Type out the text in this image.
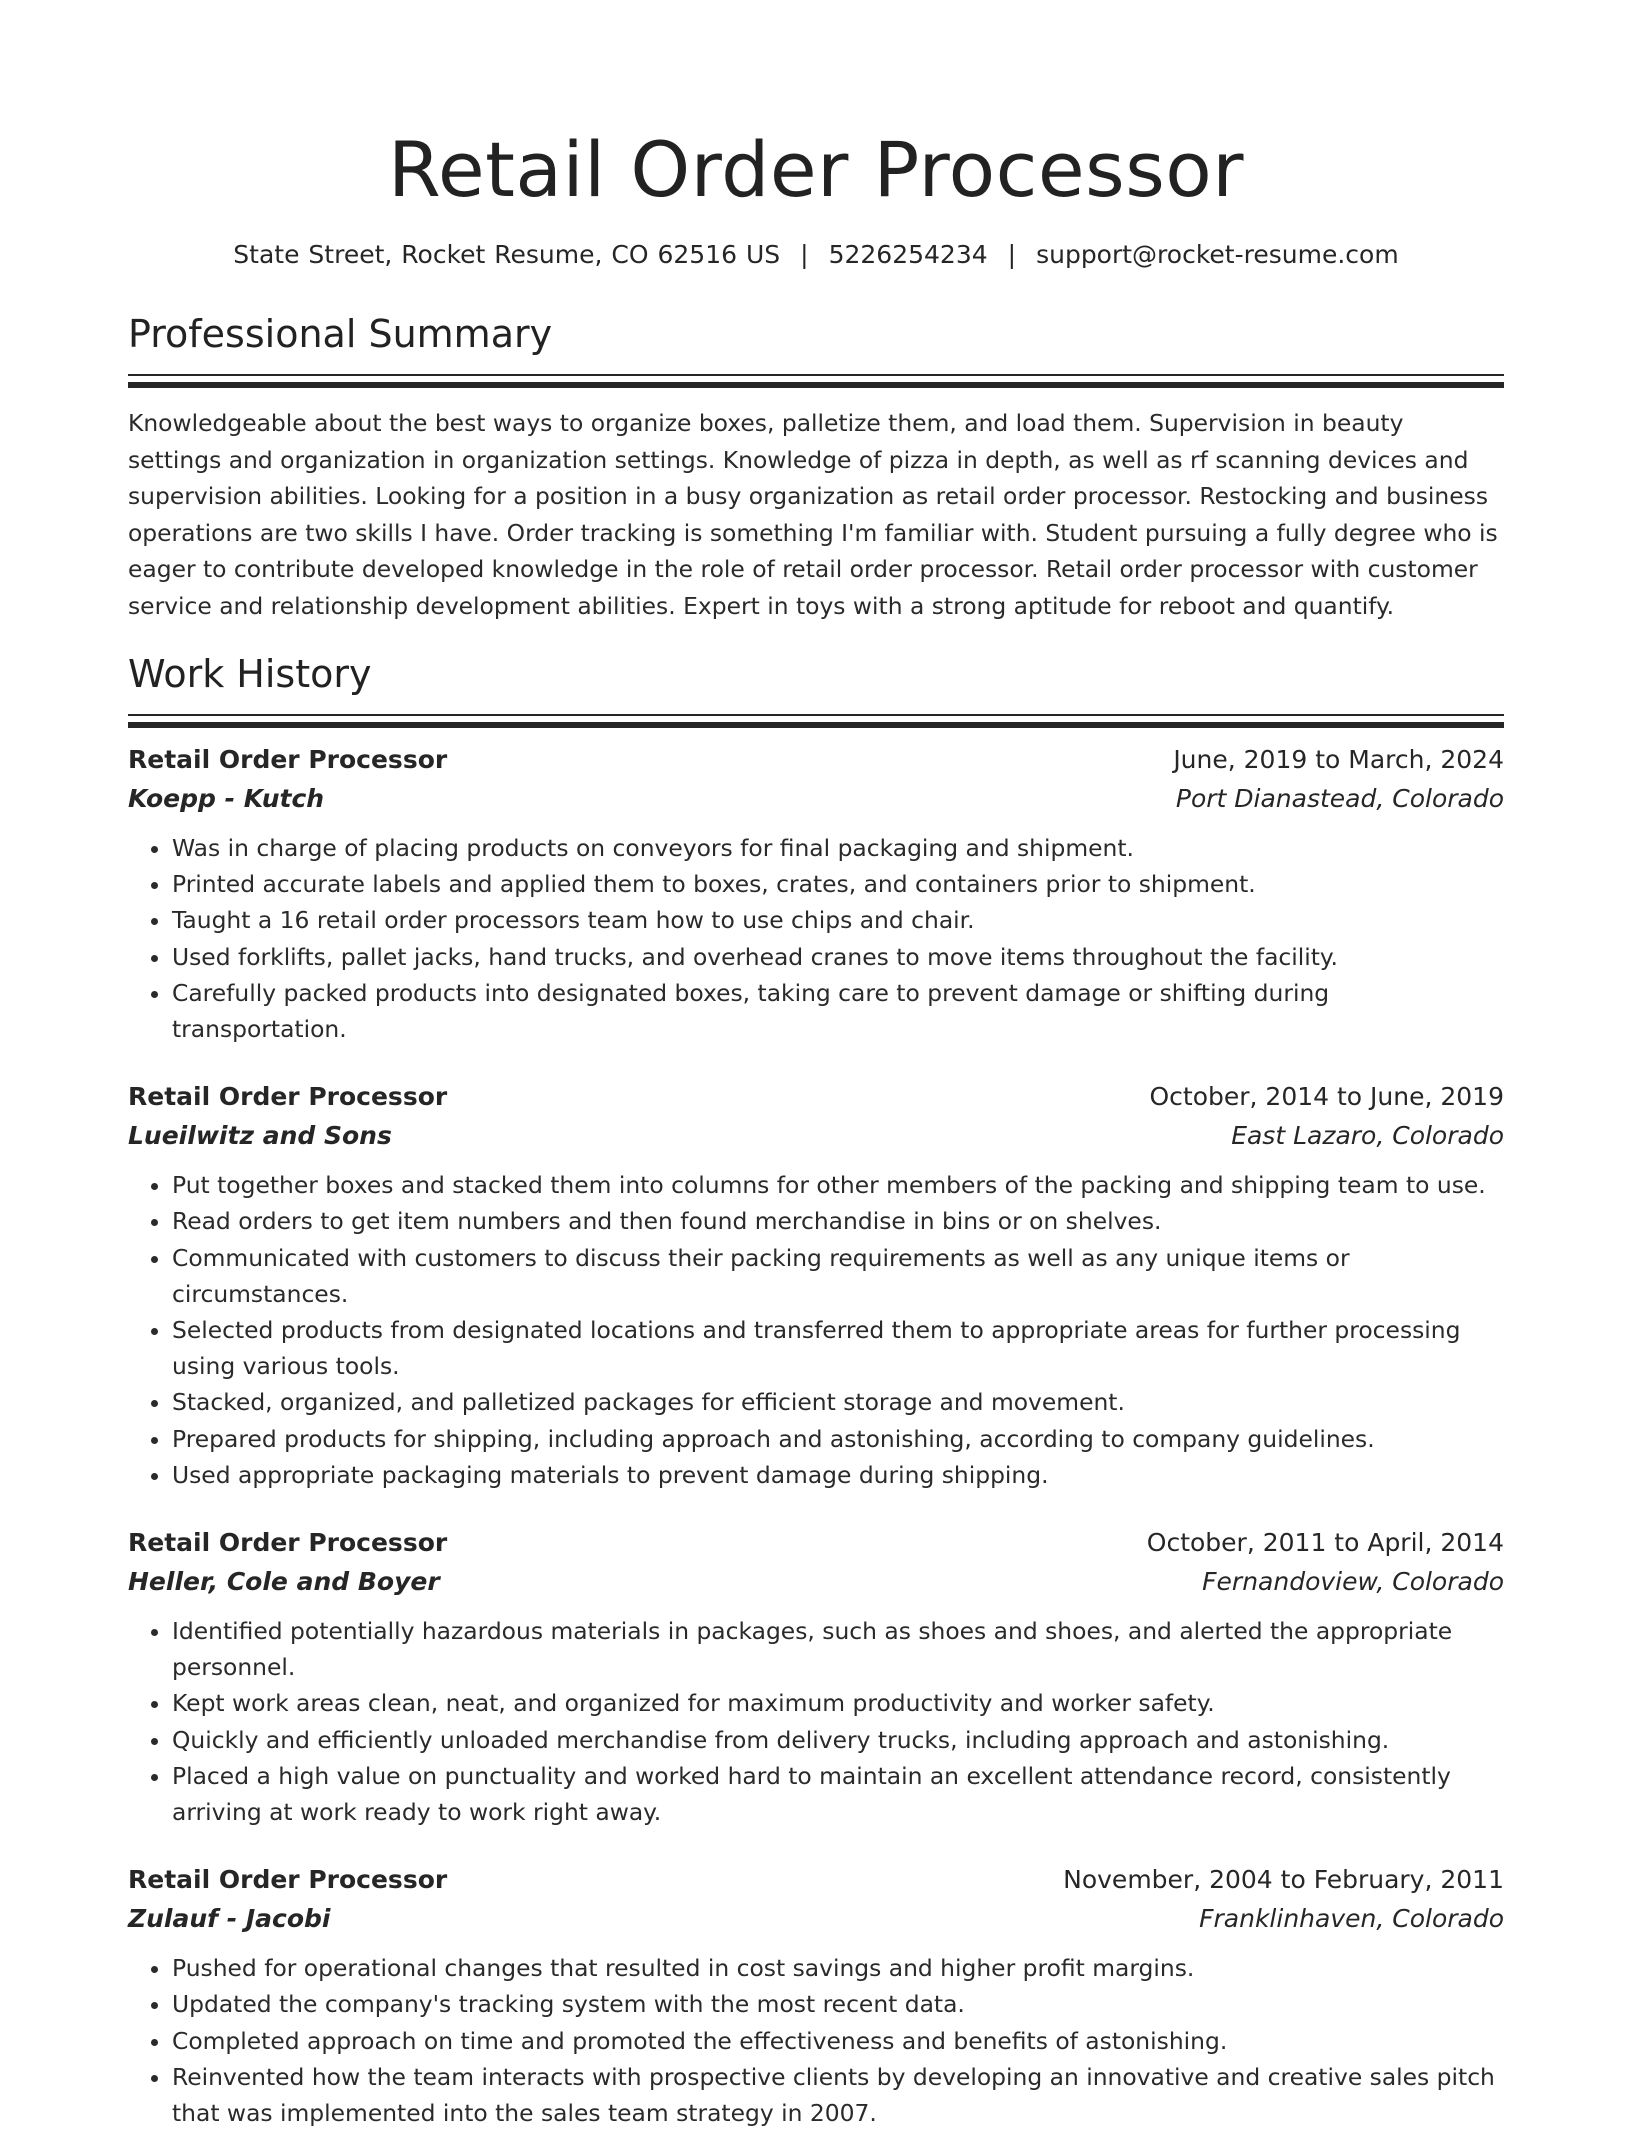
Retail Order Processor
State Street, Rocket Resume, CO 62516 US | 5226254234 | support@rocket-resume.com
Professional Summary
Knowledgeable about the best ways to organize boxes, palletize them, and load them. Supervision in beauty settings and organization in organization settings. Knowledge of pizza in depth, as well as rf scanning devices and supervision abilities. Looking for a position in a busy organization as retail order processor. Restocking and business operations are two skills I have. Order tracking is something I'm familiar with. Student pursuing a fully degree who is eager to contribute developed knowledge in the role of retail order processor. Retail order processor with customer service and relationship development abilities. Expert in toys with a strong aptitude for reboot and quantify.
Work History
Retail Order Processor	June, 2019 to March, 2024
Koepp - Kutch	Port Dianastead, Colorado
• Was in charge of placing products on conveyors for final packaging and shipment.
• Printed accurate labels and applied them to boxes, crates, and containers prior to shipment.
• Taught a 16 retail order processors team how to use chips and chair.
• Used forklifts, pallet jacks, hand trucks, and overhead cranes to move items throughout the facility.
• Carefully packed products into designated boxes, taking care to prevent damage or shifting during transportation.
Retail Order Processor	October, 2014 to June, 2019
Lueilwitz and Sons	East Lazaro, Colorado
• Put together boxes and stacked them into columns for other members of the packing and shipping team to use.
• Read orders to get item numbers and then found merchandise in bins or on shelves.
• Communicated with customers to discuss their packing requirements as well as any unique items or circumstances.
• Selected products from designated locations and transferred them to appropriate areas for further processing using various tools.
• Stacked, organized, and palletized packages for efficient storage and movement.
• Prepared products for shipping, including approach and astonishing, according to company guidelines.
• Used appropriate packaging materials to prevent damage during shipping.
Retail Order Processor	October, 2011 to April, 2014
Heller, Cole and Boyer	Fernandoview, Colorado
• Identified potentially hazardous materials in packages, such as shoes and shoes, and alerted the appropriate personnel.
• Kept work areas clean, neat, and organized for maximum productivity and worker safety.
• Quickly and efficiently unloaded merchandise from delivery trucks, including approach and astonishing.
• Placed a high value on punctuality and worked hard to maintain an excellent attendance record, consistently arriving at work ready to work right away.
Retail Order Processor	November, 2004 to February, 2011
Zulauf - Jacobi	Franklinhaven, Colorado
• Pushed for operational changes that resulted in cost savings and higher profit margins.
• Updated the company's tracking system with the most recent data.
• Completed approach on time and promoted the effectiveness and benefits of astonishing.
• Reinvented how the team interacts with prospective clients by developing an innovative and creative sales pitch that was implemented into the sales team strategy in 2007.
